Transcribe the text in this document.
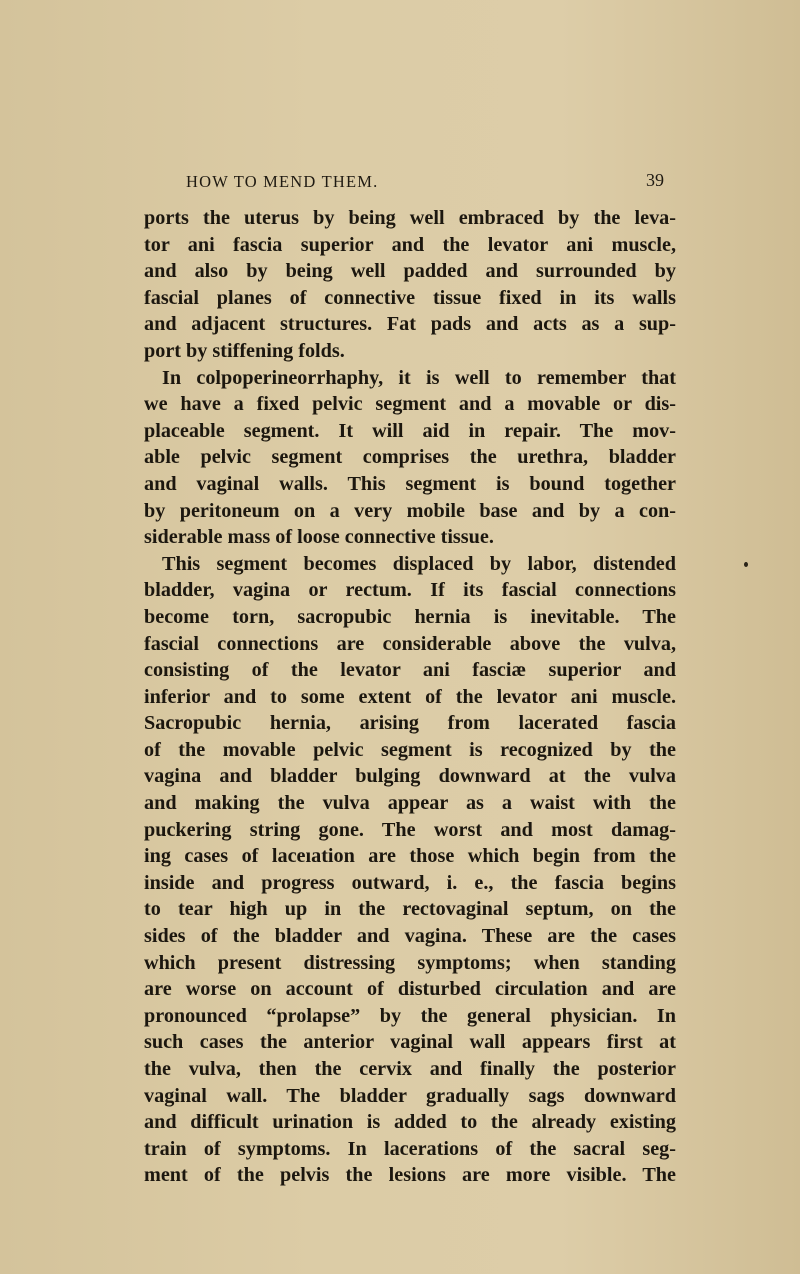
HOW TO MEND THEM.	39
ports the uterus by being well embraced by the leva-
tor ani fascia superior and the levator ani muscle,
and also by being well padded and surrounded by
fascial planes of connective tissue fixed in its walls
and adjacent structures. Fat pads and acts as a sup-
port by stiffening folds.
In colpoperineorrhaphy, it is well to remember that
we have a fixed pelvic segment and a movable or dis-
placeable segment. It will aid in repair. The mov-
able pelvic segment comprises the urethra, bladder
and vaginal walls. This segment is bound together
by peritoneum on a very mobile base and by a con-
siderable mass of loose connective tissue.
This segment becomes displaced by labor, distended
bladder, vagina or rectum. If its fascial connections
become torn, sacropubic hernia is inevitable. The
fascial connections are considerable above the vulva,
consisting of the levator ani fasciæ superior and
inferior and to some extent of the levator ani muscle.
Sacropubic hernia, arising from lacerated fascia
of the movable pelvic segment is recognized by the
vagina and bladder bulging downward at the vulva
and making the vulva appear as a waist with the
puckering string gone. The worst and most damag-
ing cases of laceıation are those which begin from the
inside and progress outward, i. e., the fascia begins
to tear high up in the rectovaginal septum, on the
sides of the bladder and vagina. These are the cases
which present distressing symptoms; when standing
are worse on account of disturbed circulation and are
pronounced “prolapse” by the general physician. In
such cases the anterior vaginal wall appears first at
the vulva, then the cervix and finally the posterior
vaginal wall. The bladder gradually sags downward
and difficult urination is added to the already existing
train of symptoms. In lacerations of the sacral seg-
ment of the pelvis the lesions are more visible. The
